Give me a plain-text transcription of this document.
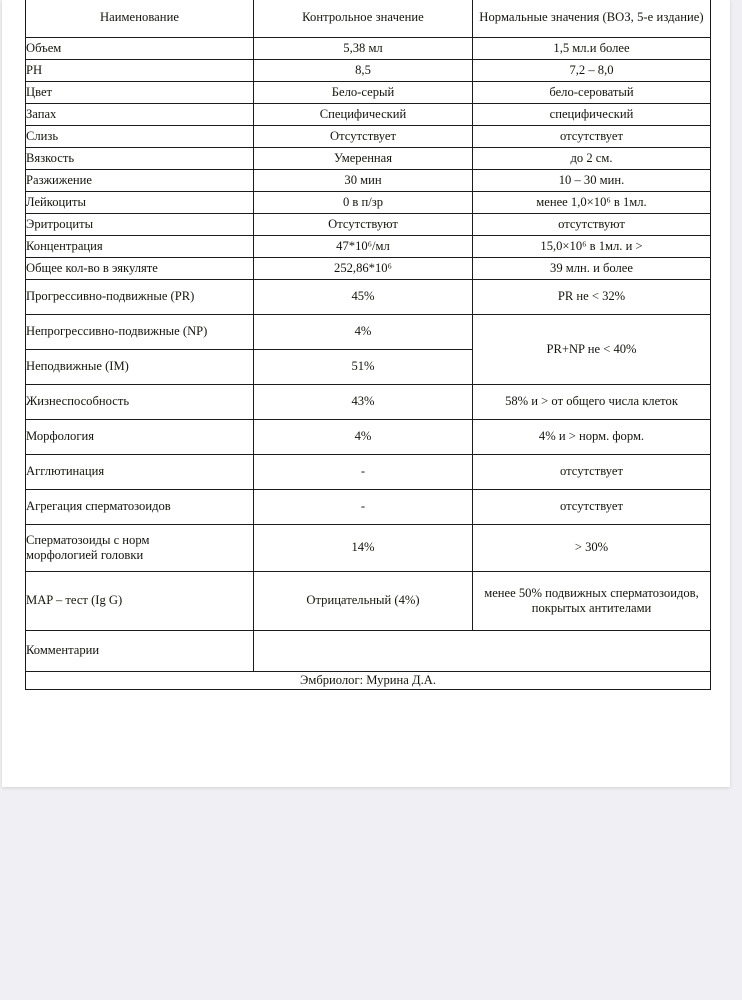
Наименование	Контрольное значение	Нормальные значения (ВОЗ, 5-е издание)
Объем	5,38 мл	1,5 мл.и более
PH	8,5	7,2 – 8,0
Цвет	Бело-серый	бело-сероватый
Запах	Специфический	специфический
Слизь	Отсутствует	отсутствует
Вязкость	Умеренная	до 2 см.
Разжижение	30 мин	10 – 30 мин.
Лейкоциты	0 в п/зр	менее 1,0×10⁶ в 1мл.
Эритроциты	Отсутствуют	отсутствуют
Концентрация	47*10⁶/мл	15,0×10⁶ в 1мл. и >
Общее кол-во в эякуляте	252,86*10⁶	39 млн. и более
Прогрессивно-подвижные (PR)	45%	PR не < 32%
Непрогрессивно-подвижные (NP)	4%	PR+NP не < 40%
Неподвижные (IM)	51%	
Жизнеспособность	43%	58% и > от общего числа клеток
Морфология	4%	4% и > норм. форм.
Агглютинация	-	отсутствует
Агрегация сперматозоидов	-	отсутствует

Сперматозоиды с норм
морфологией головки	14%	> 30%
MAP – тест (Ig G)	Отрицательный (4%)	менее 50% подвижных сперматозоидов, покрытых антителами
Комментарии		
Эмбриолог: Мурина Д.А.		
